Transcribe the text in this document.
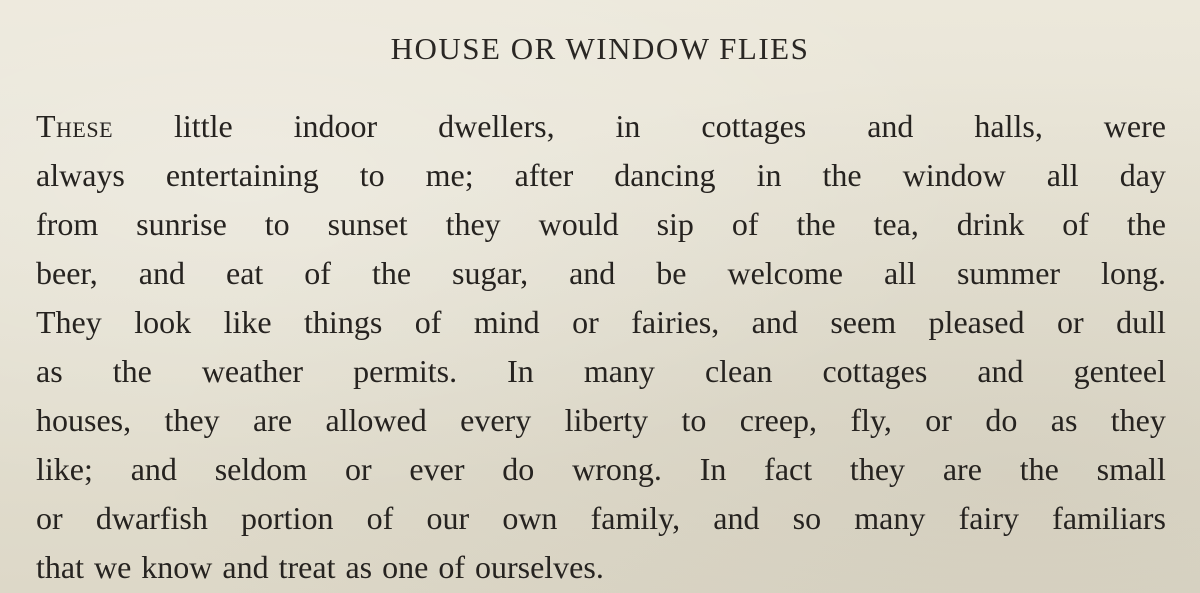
HOUSE OR WINDOW FLIES
These little indoor dwellers, in cottages and halls, were
always entertaining to me; after dancing in the window all day
from sunrise to sunset they would sip of the tea, drink of the
beer, and eat of the sugar, and be welcome all summer long.
They look like things of mind or fairies, and seem pleased or dull
as the weather permits. In many clean cottages and genteel
houses, they are allowed every liberty to creep, fly, or do as they
like; and seldom or ever do wrong. In fact they are the small
or dwarfish portion of our own family, and so many fairy familiars
that we know and treat as one of ourselves.
